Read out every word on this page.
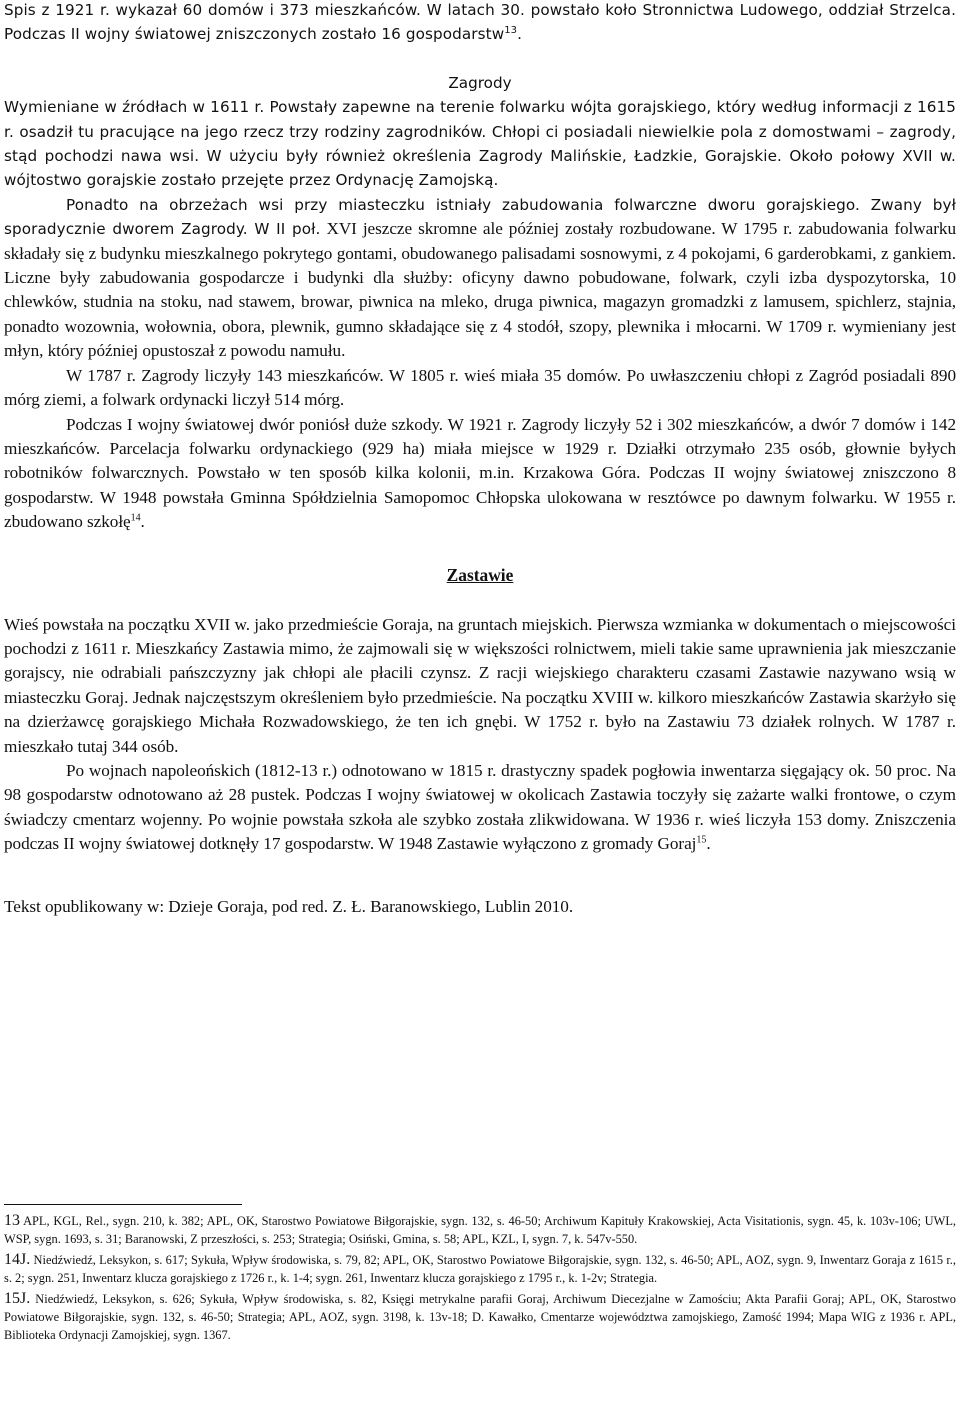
Spis z 1921 r. wykazał 60 domów i 373 mieszkańców. W latach 30. powstało koło Stronnictwa Ludowego, oddział Strzelca. Podczas II wojny światowej zniszczonych zostało 16 gospodarstw$^{13}$.

Zagrody

Wymieniane w źródłach w 1611 r. Powstały zapewne na terenie folwarku wójta gorajskiego, który według informacji z 1615 r. osadził tu pracujące na jego rzecz trzy rodziny zagrodników. Chłopi ci posiadali niewielkie pola z domostwami – zagrody, stąd pochodzi nawa wsi. W użyciu były również określenia Zagrody Malińskie, Ładzkie, Gorajskie. Około połowy XVII w. wójtostwo gorajskie zostało przejęte przez Ordynację Zamojską.

Ponadto na obrzeżach wsi przy miasteczku istniały zabudowania folwarczne dworu gorajskiego. Zwany był sporadycznie dworem Zagrody. W II poł. XVI jeszcze skromne ale później zostały rozbudowane. W 1795 r. zabudowania folwarku składały się z budynku mieszkalnego pokrytego gontami, obudowanego palisadami sosnowymi, z 4 pokojami, 6 garderobkami, z gankiem. Liczne były zabudowania gospodarcze i budynki dla służby: oficyny dawno pobudowane, folwark, czyli izba dyspozytorska, 10 chlewków, studnia na stoku, nad stawem, browar, piwnica na mleko, druga piwnica, magazyn gromadzki z lamusem, spichlerz, stajnia, ponadto wozownia, wołownia, obora, plewnik, gumno składające się z 4 stodół, szopy, plewnika i młocarni. W 1709 r. wymieniany jest młyn, który później opustoszał z powodu namułu.

W 1787 r. Zagrody liczyły 143 mieszkańców. W 1805 r. wieś miała 35 domów. Po uwłaszczeniu chłopi z Zagród posiadali 890 mórg ziemi, a folwark ordynacki liczył 514 mórg.

Podczas I wojny światowej dwór poniósł duże szkody. W 1921 r. Zagrody liczyły 52 i 302 mieszkańców, a dwór 7 domów i 142 mieszkańców. Parcelacja folwarku ordynackiego (929 ha) miała miejsce w 1929 r. Działki otrzymało 235 osób, głownie byłych robotników folwarcznych. Powstało w ten sposób kilka kolonii, m.in. Krzakowa Góra. Podczas II wojny światowej zniszczono 8 gospodarstw. W 1948 powstała Gminna Spółdzielnia Samopomoc Chłopska ulokowana w resztówce po dawnym folwarku. W 1955 r. zbudowano szkołę$^{14}$.

Zastawie

Wieś powstała na początku XVII w. jako przedmieście Goraja, na gruntach miejskich. Pierwsza wzmianka w dokumentach o miejscowości pochodzi z 1611 r. Mieszkańcy Zastawia mimo, że zajmowali się w większości rolnictwem, mieli takie same uprawnienia jak mieszczanie gorajscy, nie odrabiali pańszczyzny jak chłopi ale płacili czynsz. Z racji wiejskiego charakteru czasami Zastawie nazywano wsią w miasteczku Goraj. Jednak najczęstszym określeniem było przedmieście. Na początku XVIII w. kilkoro mieszkańców Zastawia skarżyło się na dzierżawcę gorajskiego Michała Rozwadowskiego, że ten ich gnębi. W 1752 r. było na Zastawiu 73 działek rolnych. W 1787 r. mieszkało tutaj 344 osób.

Po wojnach napoleońskich (1812-13 r.) odnotowano w 1815 r. drastyczny spadek pogłowia inwentarza sięgający ok. 50 proc. Na 98 gospodarstw odnotowano aż 28 pustek. Podczas I wojny światowej w okolicach Zastawia toczyły się zażarte walki frontowe, o czym świadczy cmentarz wojenny. Po wojnie powstała szkoła ale szybko została zlikwidowana. W 1936 r. wieś liczyła 153 domy. Zniszczenia podczas II wojny światowej dotknęły 17 gospodarstw. W 1948 Zastawie wyłączono z gromady Goraj$^{15}$.

Tekst opublikowany w: Dzieje Goraja, pod red. Z. Ł. Baranowskiego, Lublin 2010.

13 APL, KGL, Rel., sygn. 210, k. 382; APL, OK, Starostwo Powiatowe Biłgorajskie, sygn. 132, s. 46-50; Archiwum Kapituły Krakowskiej, Acta Visitationis, sygn. 45, k. 103v-106; UWL, WSP, sygn. 1693, s. 31; Baranowski, Z przeszłości, s. 253; Strategia; Osiński, Gmina, s. 58; APL, KZL, I, sygn. 7, k. 547v-550.

14J. Niedźwiedź, Leksykon, s. 617; Sykuła, Wpływ środowiska, s. 79, 82; APL, OK, Starostwo Powiatowe Biłgorajskie, sygn. 132, s. 46-50; APL, AOZ, sygn. 9, Inwentarz Goraja z 1615 r., s. 2; sygn. 251, Inwentarz klucza gorajskiego z 1726 r., k. 1-4; sygn. 261, Inwentarz klucza gorajskiego z 1795 r., k. 1-2v; Strategia.

15J. Niedźwiedź, Leksykon, s. 626; Sykuła, Wpływ środowiska, s. 82, Księgi metrykalne parafii Goraj, Archiwum Diecezjalne w Zamościu; Akta Parafii Goraj; APL, OK, Starostwo Powiatowe Biłgorajskie, sygn. 132, s. 46-50; Strategia; APL, AOZ, sygn. 3198, k. 13v-18; D. Kawałko, Cmentarze województwa zamojskiego, Zamość 1994; Mapa WIG z 1936 r. APL, Biblioteka Ordynacji Zamojskiej, sygn. 1367.
